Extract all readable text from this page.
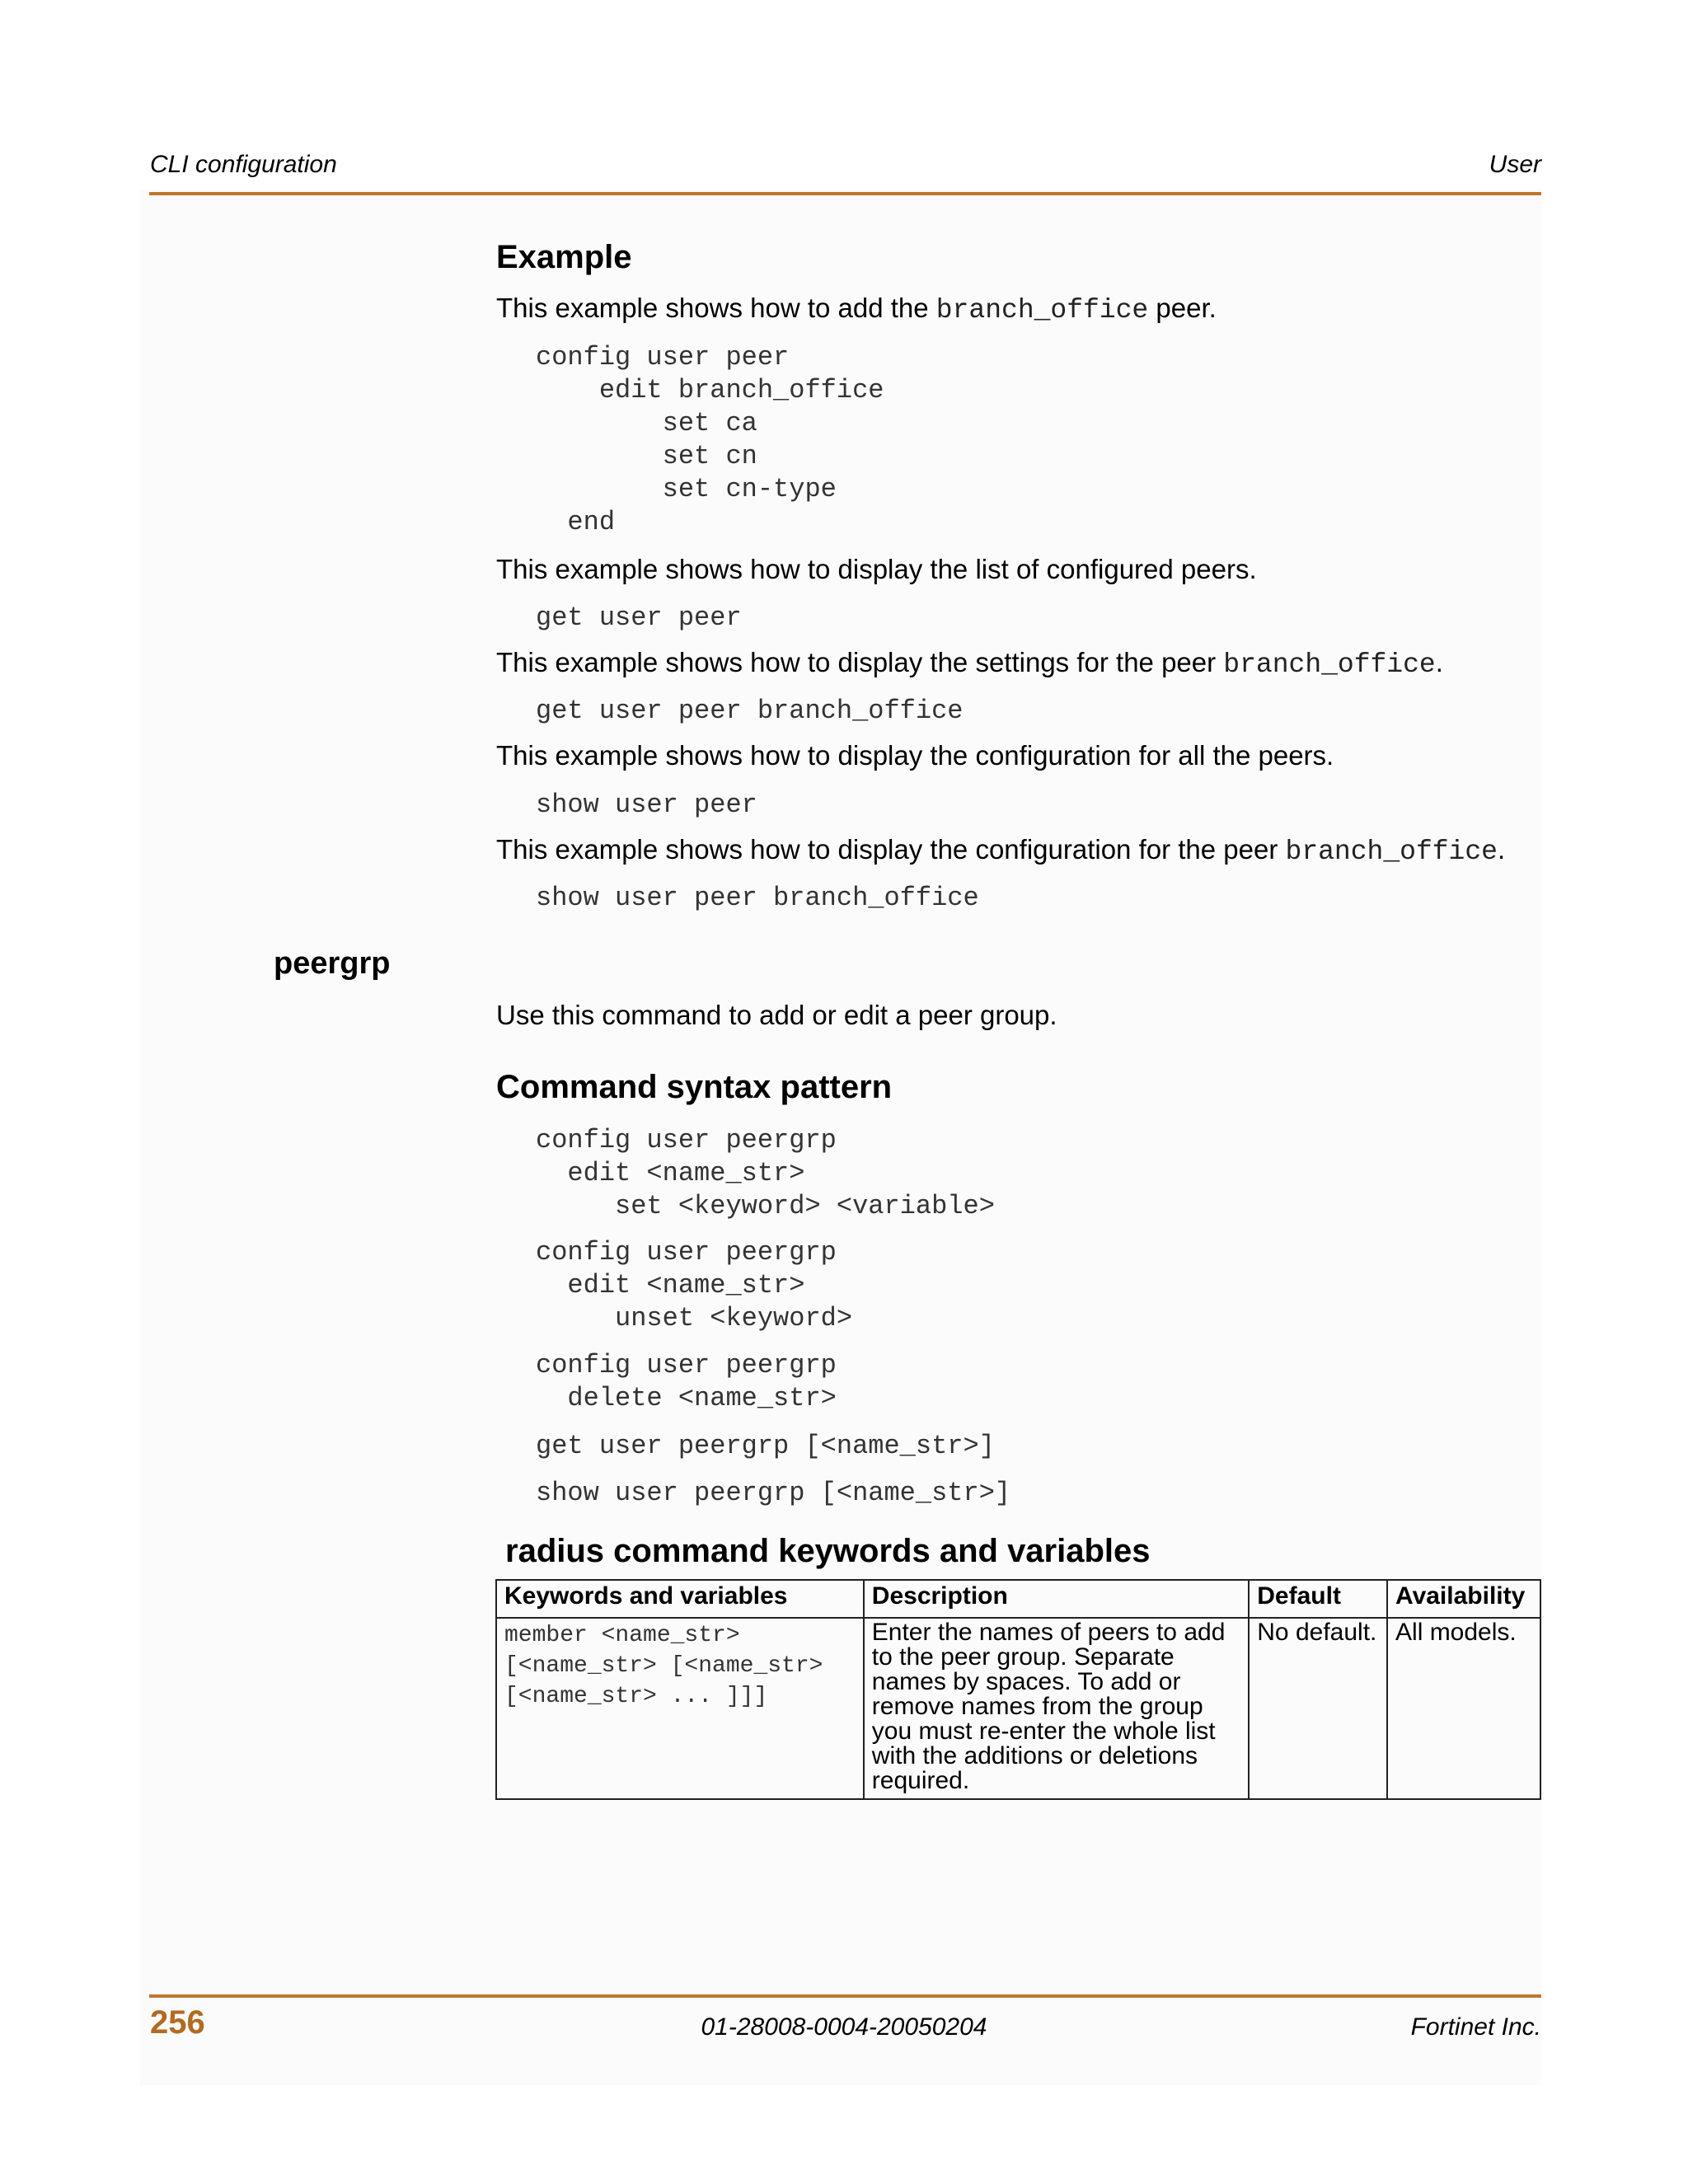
CLI configuration	User
Example
This example shows how to add the branch_office peer.
config user peer
edit branch_office
set ca
set cn
set cn-type
end
This example shows how to display the list of configured peers.
get user peer
This example shows how to display the settings for the peer branch_office.
get user peer branch_office
This example shows how to display the configuration for all the peers.
show user peer
This example shows how to display the configuration for the peer branch_office.
show user peer branch_office
peergrp
Use this command to add or edit a peer group.
Command syntax pattern
config user peergrp
edit <name_str>
set <keyword> <variable>
config user peergrp
edit <name_str>
unset <keyword>
config user peergrp
delete <name_str>
get user peergrp [<name_str>]
show user peergrp [<name_str>]
radius command keywords and variables
Keywords and variables	Description	Default	Availability
member <name_str>
[<name_str> [<name_str>
[<name_str> ... ]]]	Enter the names of peers to add to the peer group. Separate names by spaces. To add or remove names from the group you must re-enter the whole list with the additions or deletions required.	No default.	All models.
256	01-28008-0004-20050204	Fortinet Inc.
